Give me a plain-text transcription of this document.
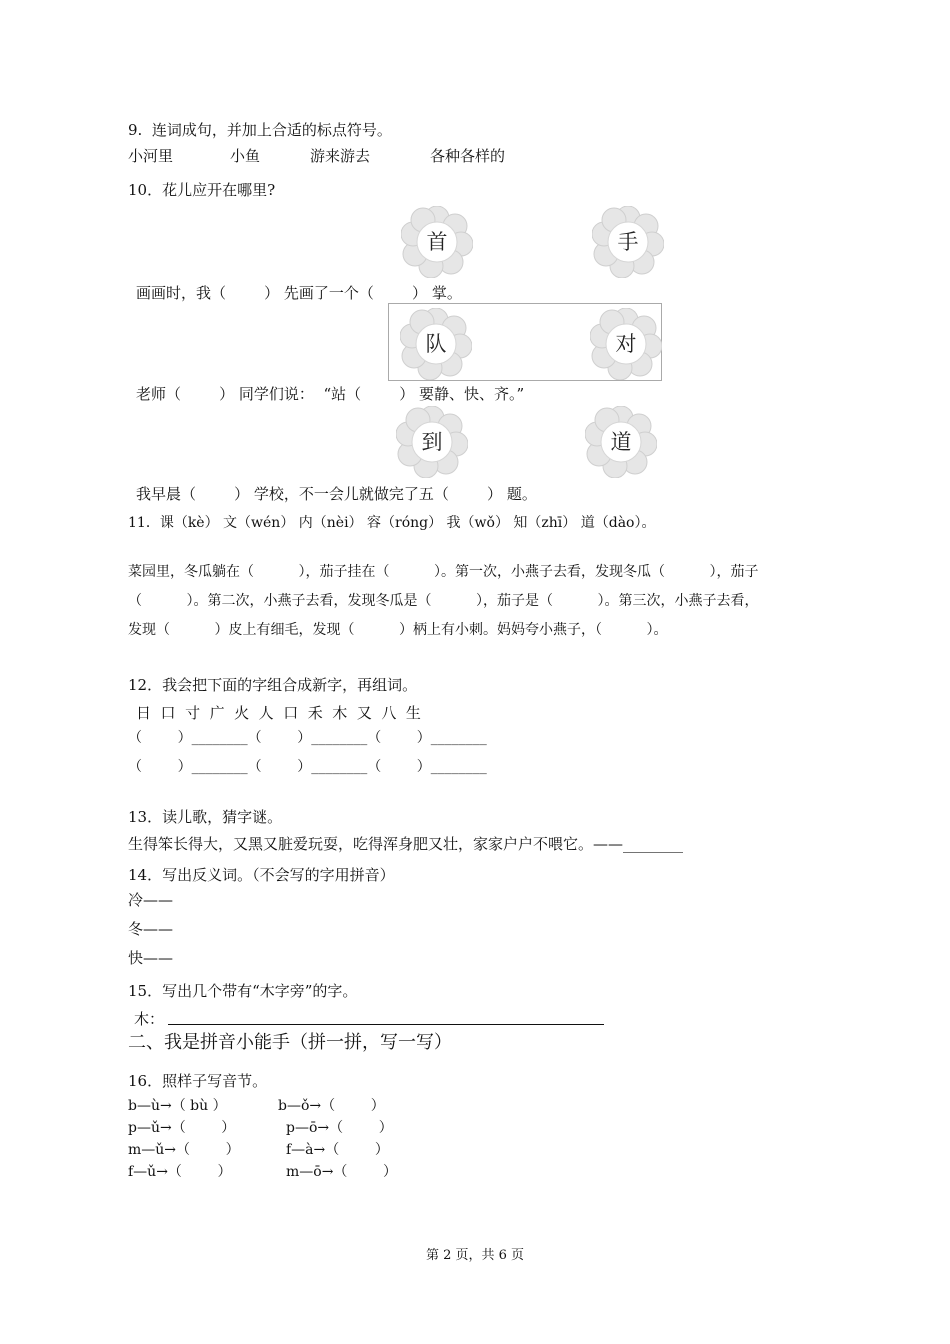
9.  连词成句，并加上合适的标点符号。
小河里	小鱼	游来游去	各种各样的
10．花儿应开在哪里?
首	手
画画时，我（        ） 先画了一个（        ） 掌。
队	对
老师（        ） 同学们说：  “站（        ） 要静、快、齐。”
到	道
我早晨（        ） 学校，不一会儿就做完了五（        ） 题。
11．课（kè） 文（wén） 内（nèi） 容（róng） 我（wǒ） 知（zhī） 道（dào）。
菜园里，冬瓜躺在（          ），茄子挂在（          ）。第一次，小燕子去看，发现冬瓜（          ），茄子
（          ）。第二次，小燕子去看，发现冬瓜是（          ），茄子是（          ）。第三次，小燕子去看，
发现（          ）皮上有细毛，发现（          ）柄上有小刺。妈妈夸小燕子，（          ）。
12．我会把下面的字组合成新字，再组词。
日  口  寸  广  火  人  口  禾  木  又  八  生
（        ）________（        ）________（        ）________
（        ）________（        ）________（        ）________
13．读儿歌，猜字谜。
生得笨长得大，又黑又脏爱玩耍，吃得浑身肥又壮，家家户户不喂它。——________
14．写出反义词。（不会写的字用拼音）
冷——
冬——
快——
15．写出几个带有“木字旁”的字。
木：
二、我是拼音小能手（拼一拼，写一写）
16．照样子写音节。
b—ù→（ bù ）
p—ǔ→（        ）
m—ǔ→（        ）
f—ǔ→（        ）
b—ǒ→（        ）
p—ō→（        ）
f—à→（        ）
m—ō→（        ）
第 2 页，共 6 页
